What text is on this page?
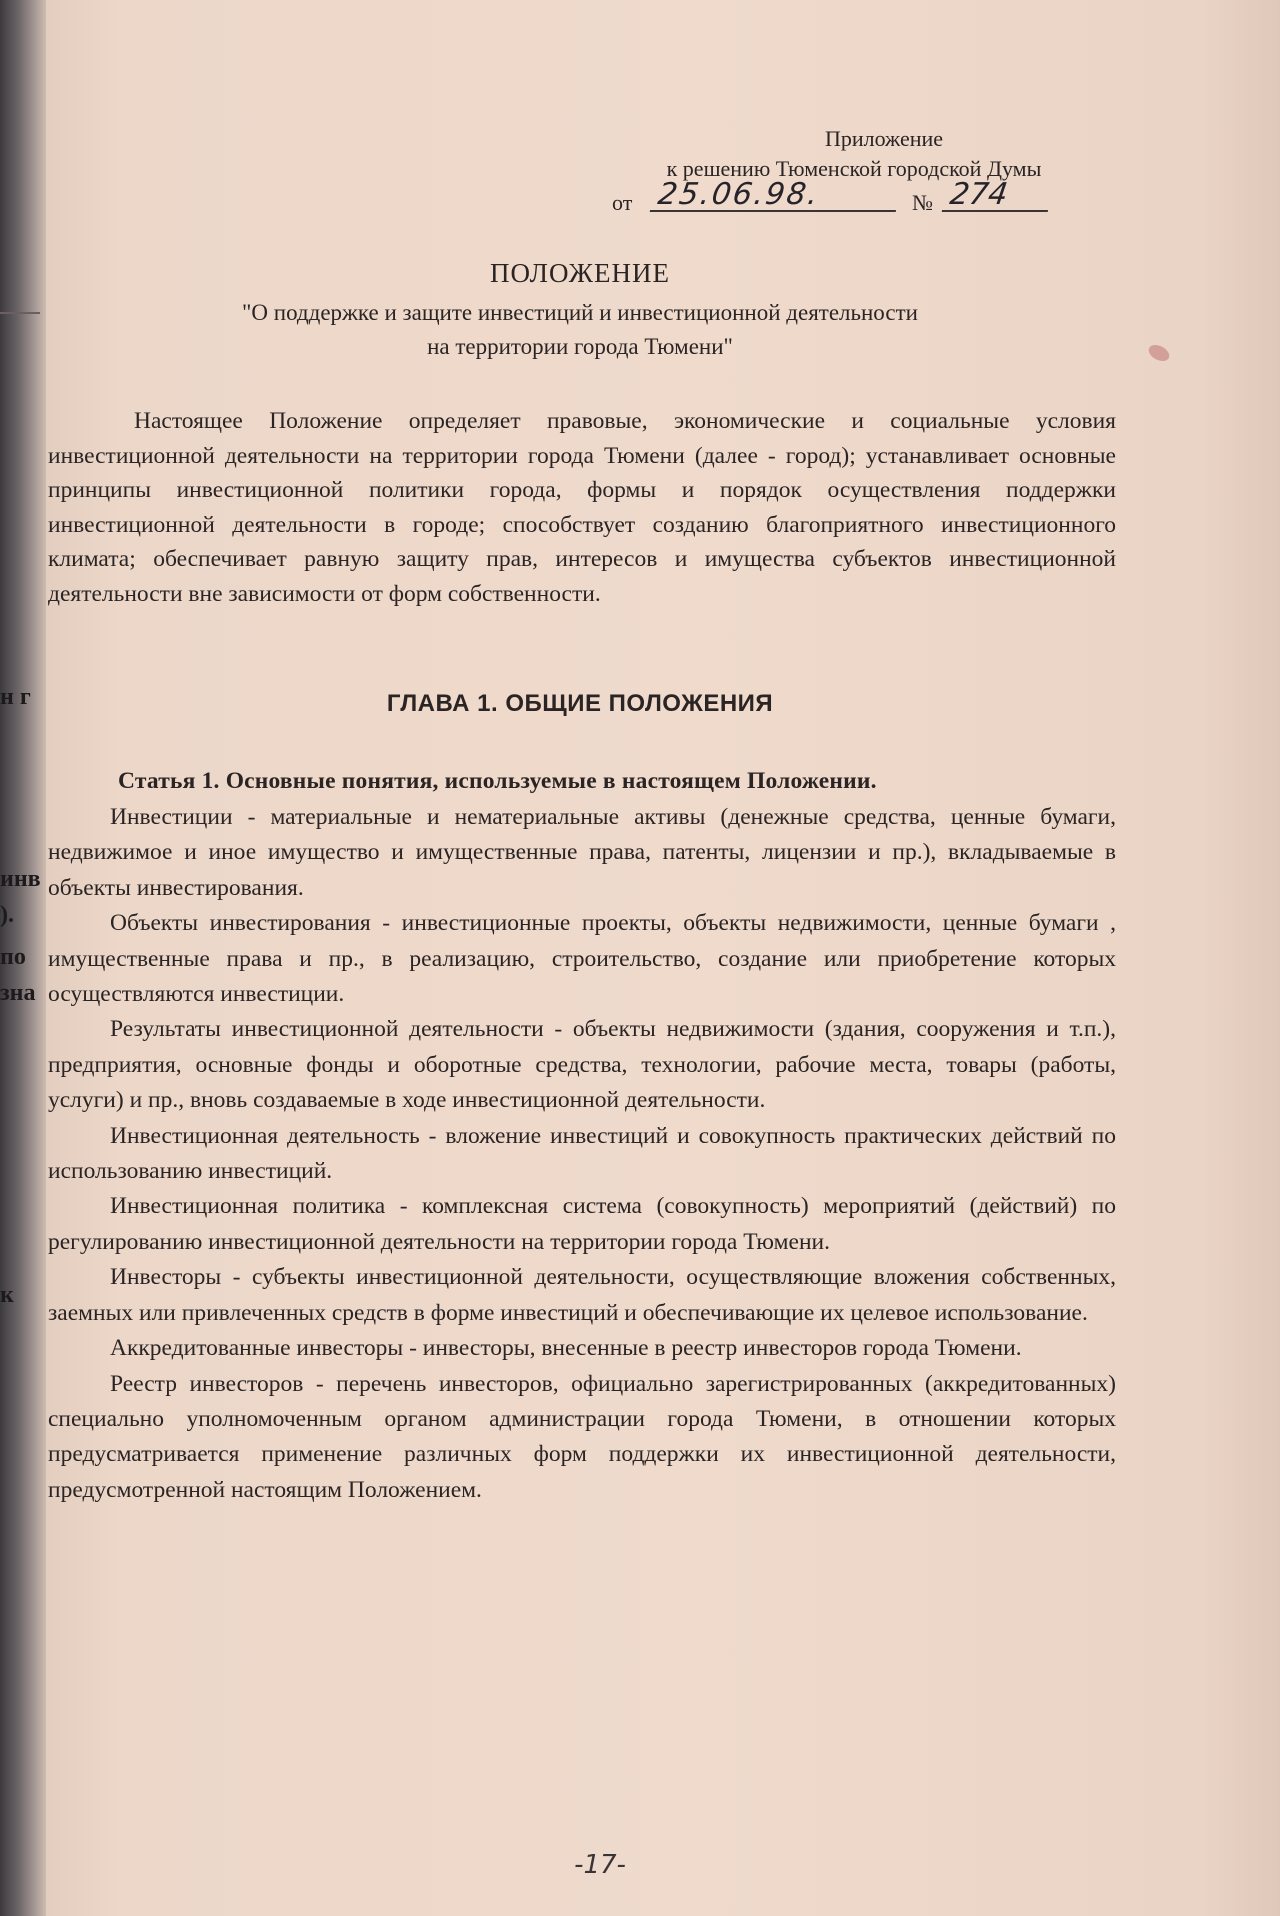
н г
инв
).
по
зна
к
Приложение
к решению Тюменской городской Думы
от 25.06.98.	№ 274
ПОЛОЖЕНИЕ
"О поддержке и защите инвестиций и инвестиционной деятельности
на территории города Тюмени"

Настоящее Положение определяет правовые, экономические и социальные условия инвестиционной деятельности на территории города Тюмени (далее - город); устанавливает основные принципы инвестиционной политики города, формы и порядок осуществления поддержки инвестиционной деятельности в городе; способствует созданию благоприятного инвестиционного климата; обеспечивает равную защиту прав, интересов и имущества субъектов инвестиционной деятельности вне зависимости от форм собственности.

ГЛАВА 1. ОБЩИЕ ПОЛОЖЕНИЯ
Статья 1. Основные понятия, используемые в настоящем Положении.

Инвестиции - материальные и нематериальные активы (денежные средства, ценные бумаги, недвижимое и иное имущество и имущественные права, патенты, лицензии и пр.), вкладываемые в объекты инвестирования.

Объекты инвестирования - инвестиционные проекты, объекты недвижимости, ценные бумаги , имущественные права и пр., в реализацию, строительство, создание или приобретение которых осуществляются инвестиции.

Результаты инвестиционной деятельности - объекты недвижимости (здания, сооружения и т.п.), предприятия, основные фонды и оборотные средства, технологии, рабочие места, товары (работы, услуги) и пр., вновь создаваемые в ходе инвестиционной деятельности.

Инвестиционная деятельность - вложение инвестиций и совокупность практических действий по использованию инвестиций.

Инвестиционная политика - комплексная система (совокупность) мероприятий (действий) по регулированию инвестиционной деятельности на территории города Тюмени.

Инвесторы - субъекты инвестиционной деятельности, осуществляющие вложения собственных, заемных или привлеченных средств в форме инвестиций и обеспечивающие их целевое использование.

Аккредитованные инвесторы - инвесторы, внесенные в реестр инвесторов города Тюмени.

Реестр инвесторов - перечень инвесторов, официально зарегистрированных (аккредитованных) специально уполномоченным органом администрации города Тюмени, в отношении которых предусматривается применение различных форм поддержки их инвестиционной деятельности, предусмотренной настоящим Положением.

-17-
